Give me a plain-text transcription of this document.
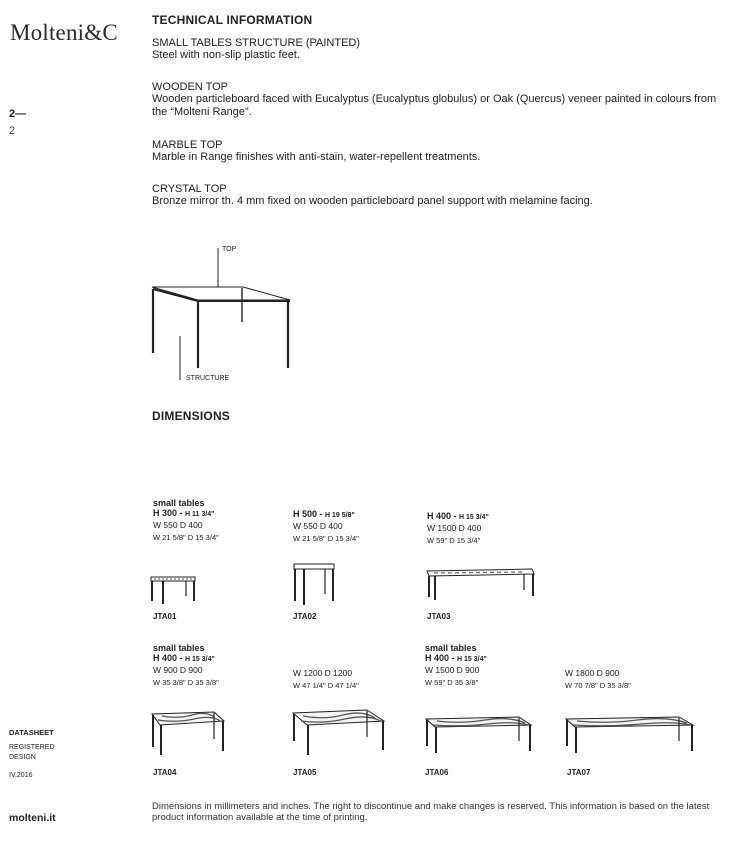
Molteni&C
2—
2
TECHNICAL INFORMATION
SMALL TABLES STRUCTURE (PAINTED)
Steel with non-slip plastic feet.
WOODEN TOP
Wooden particleboard faced with Eucalyptus (Eucalyptus globulus) or Oak (Quercus) veneer painted in colours from the “Molteni Range”.
MARBLE TOP
Marble in Range finishes with anti-stain, water-repellent treatments.
CRYSTAL TOP
Bronze mirror th. 4 mm fixed on wooden particleboard panel support with melamine facing.
TOP
STRUCTURE
DIMENSIONS
small tables
H 300 - H 11 3/4"
W 550 D 400
W 21 5/8" D 15 3/4"
H 500 - H 19 5/8"
W 550 D 400
W 21 5/8" D 15 3/4"
H 400 - H 15 3/4"
W 1500 D 400
W 59" D 15 3/4"
JTA01	JTA02	JTA03
small tables
H 400 - H 15 3/4"
W 900 D 900
W 35 3/8" D 35 3/8"
W 1200 D 1200
W 47 1/4" D 47 1/4"
small tables
H 400 - H 15 3/4"
W 1500 D 900
W 59" D 35 3/8"
W 1800 D 900
W 70 7/8" D 35 3/8"
JTA04	JTA05	JTA06	JTA07
DATASHEET
REGISTERED
DESIGN
IV.2016
molteni.it
Dimensions in millimeters and inches. The right to discontinue and make changes is reserved. This information is based on the latest product information available at the time of printing.
